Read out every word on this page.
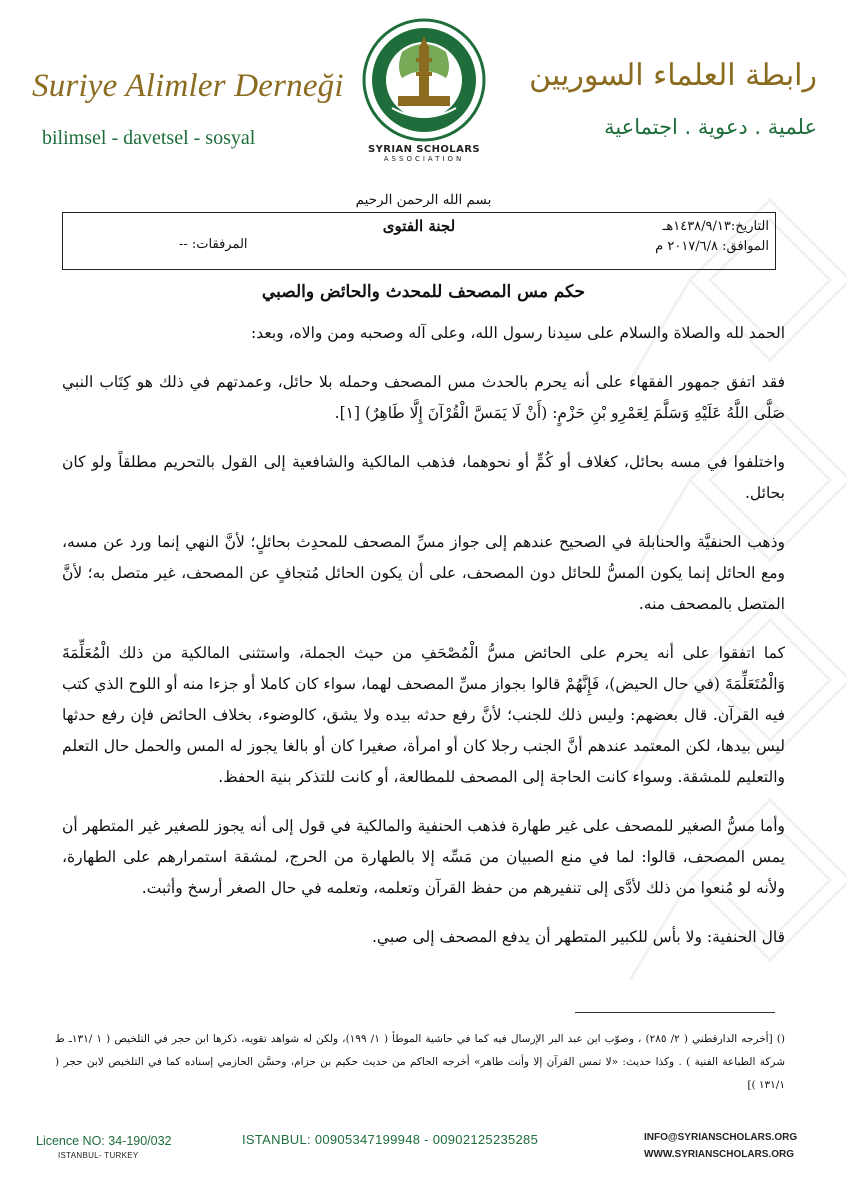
Suriye Alimler Derneği
bilimsel - davetsel - sosyal
SYRIAN SCHOLARS
ASSOCIATION
رابطة العلماء السوريين
علمية . دعوية . اجتماعية
بسم الله الرحمن الرحيم
التاريخ:١٤٣٨/٩/١٣هـ
الموافق: ٢٠١٧/٦/٨ م
لجنة الفتوى
المرفقات: --
حكم مس المصحف للمحدث والحائض والصبي

الحمد لله والصلاة والسلام على سيدنا رسول الله، وعلى آله وصحبه ومن والاه، وبعد:

فقد اتفق جمهور الفقهاء على أنه يحرم بالحدث مس المصحف وحمله بلا حائل، وعمدتهم في ذلك هو كِتَاب النبي صَلَّى اللَّهُ عَلَيْهِ وَسَلَّمَ لِعَمْرِو بْنِ حَزْمٍ: (أَنْ لَا يَمَسَّ الْقُرْآنَ إِلَّا طَاهِرٌ) [١].

واختلفوا في مسه بحائل، كغلاف أو كُمٍّ أو نحوهما، فذهب المالكية والشافعية إلى القول بالتحريم مطلقاً ولو كان بحائل.

وذهب الحنفيَّة والحنابلة في الصحيح عندهم إلى جواز مسِّ المصحف للمحدِث بحائلٍ؛ لأنَّ النهي إنما ورد عن مسه، ومع الحائل إنما يكون المسُّ للحائل دون المصحف، على أن يكون الحائل مُتجافٍ عن المصحف، غير متصل به؛ لأنَّ المتصل بالمصحف منه.

كما اتفقوا على أنه يحرم على الحائض مسُّ الْمُصْحَفِ من حيث الجملة، واستثنى المالكية من ذلك الْمُعَلِّمَةَ وَالْمُتَعَلِّمَةَ (في حال الحيض)، فَإِنَّهُمْ قالوا بجواز مسِّ المصحف لهما، سواء كان كاملا أو جزءا منه أو اللوح الذي كتب فيه القرآن. قال بعضهم: وليس ذلك للجنب؛ لأنَّ رفع حدثه بيده ولا يشق، كالوضوء، بخلاف الحائض فإن رفع حدثها ليس بيدها، لكن المعتمد عندهم أنَّ الجنب رجلا كان أو امرأة، صغيرا كان أو بالغا يجوز له المس والحمل حال التعلم والتعليم للمشقة. وسواء كانت الحاجة إلى المصحف للمطالعة، أو كانت للتذكر بنية الحفظ.

وأما مسُّ الصغير للمصحف على غير طهارة فذهب الحنفية والمالكية في قول إلى أنه يجوز للصغير غير المتطهر أن يمس المصحف، قالوا: لما في منع الصبيان من مَسِّه إلا بالطهارة من الحرج، لمشقة استمرارهم على الطهارة، ولأنه لو مُنعوا من ذلك لأدَّى إلى تنفيرهم من حفظ القرآن وتعلمه، وتعلمه في حال الصغر أرسخ وأثبت.

قال الحنفية: ولا بأس للكبير المتطهر أن يدفع المصحف إلى صبي.

() [أخرجه الدارقطني ( ٢/ ٢٨٥) ، وصوّب ابن عبد البر الإرسال فيه كما في حاشية الموطأ ( ١/ ١٩٩)، ولكن له شواهد تقويه، ذكرها ابن حجر في التلخيص ( ١ /١٣١ـ ط شركة الطباعة الفنية ) . وكذا حديث: «لا تمس القرآن إلا وأنت طاهر» أخرجه الحاكم من حديث حكيم بن حزام، وحسَّن الحازمي إسناده كما في التلخيص لابن حجر ( ١٣١/١ )]
Licence NO: 34-190/032
ISTANBUL- TURKEY
ISTANBUL: 00905347199948 - 00902125235285	INFO@SYRIANSCHOLARS.ORG
WWW.SYRIANSCHOLARS.ORG
